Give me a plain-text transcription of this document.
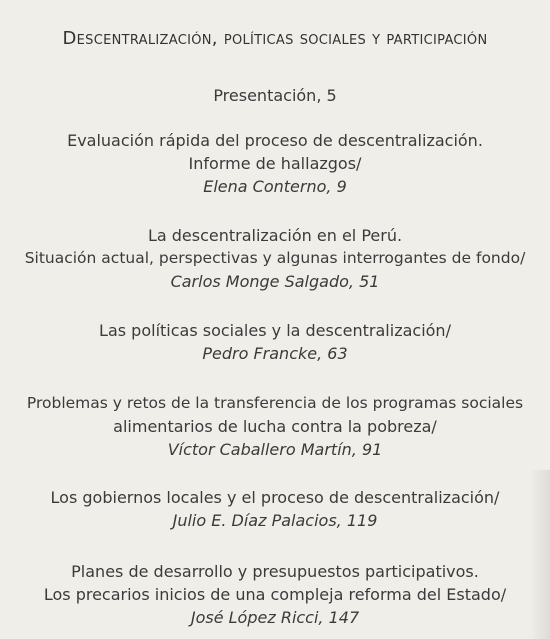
Descentralización, políticas sociales y participación
Presentación, 5
Evaluación rápida del proceso de descentralización.
Informe de hallazgos/
Elena Conterno, 9
La descentralización en el Perú.
Situación actual, perspectivas y algunas interrogantes de fondo/
Carlos Monge Salgado, 51
Las políticas sociales y la descentralización/
Pedro Francke, 63
Problemas y retos de la transferencia de los programas sociales
alimentarios de lucha contra la pobreza/
Víctor Caballero Martín, 91
Los gobiernos locales y el proceso de descentralización/
Julio E. Díaz Palacios, 119
Planes de desarrollo y presupuestos participativos.
Los precarios inicios de una compleja reforma del Estado/
José López Ricci, 147
